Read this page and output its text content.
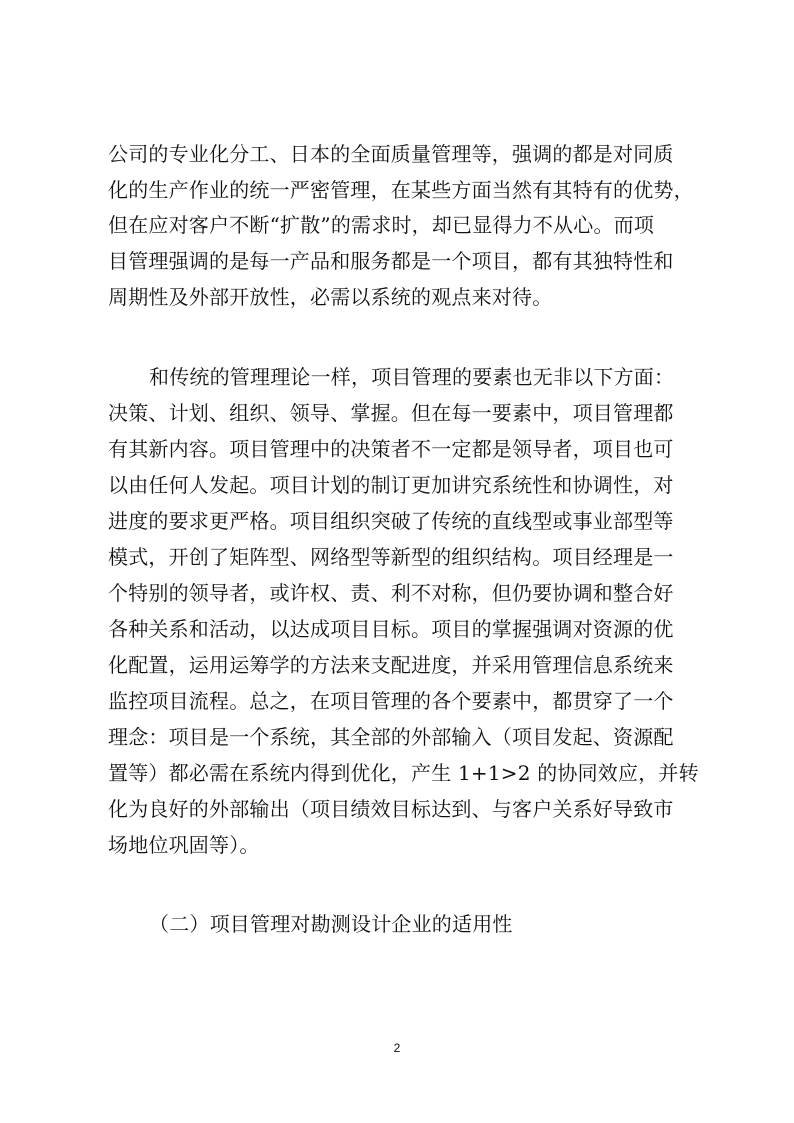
公司的专业化分工、日本的全面质量管理等，强调的都是对同质
化的生产作业的统一严密管理，在某些方面当然有其特有的优势，
但在应对客户不断“扩散”的需求时，却已显得力不从心。而项
目管理强调的是每一产品和服务都是一个项目，都有其独特性和
周期性及外部开放性，必需以系统的观点来对待。
和传统的管理理论一样，项目管理的要素也无非以下方面：
决策、计划、组织、领导、掌握。但在每一要素中，项目管理都
有其新内容。项目管理中的决策者不一定都是领导者，项目也可
以由任何人发起。项目计划的制订更加讲究系统性和协调性，对
进度的要求更严格。项目组织突破了传统的直线型或事业部型等
模式，开创了矩阵型、网络型等新型的组织结构。项目经理是一
个特别的领导者，或许权、责、利不对称，但仍要协调和整合好
各种关系和活动，以达成项目目标。项目的掌握强调对资源的优
化配置，运用运筹学的方法来支配进度，并采用管理信息系统来
监控项目流程。总之，在项目管理的各个要素中，都贯穿了一个
理念：项目是一个系统，其全部的外部输入（项目发起、资源配
置等）都必需在系统内得到优化，产生 1+1>2 的协同效应，并转
化为良好的外部输出（项目绩效目标达到、与客户关系好导致市
场地位巩固等）。
（二）项目管理对勘测设计企业的适用性
2
